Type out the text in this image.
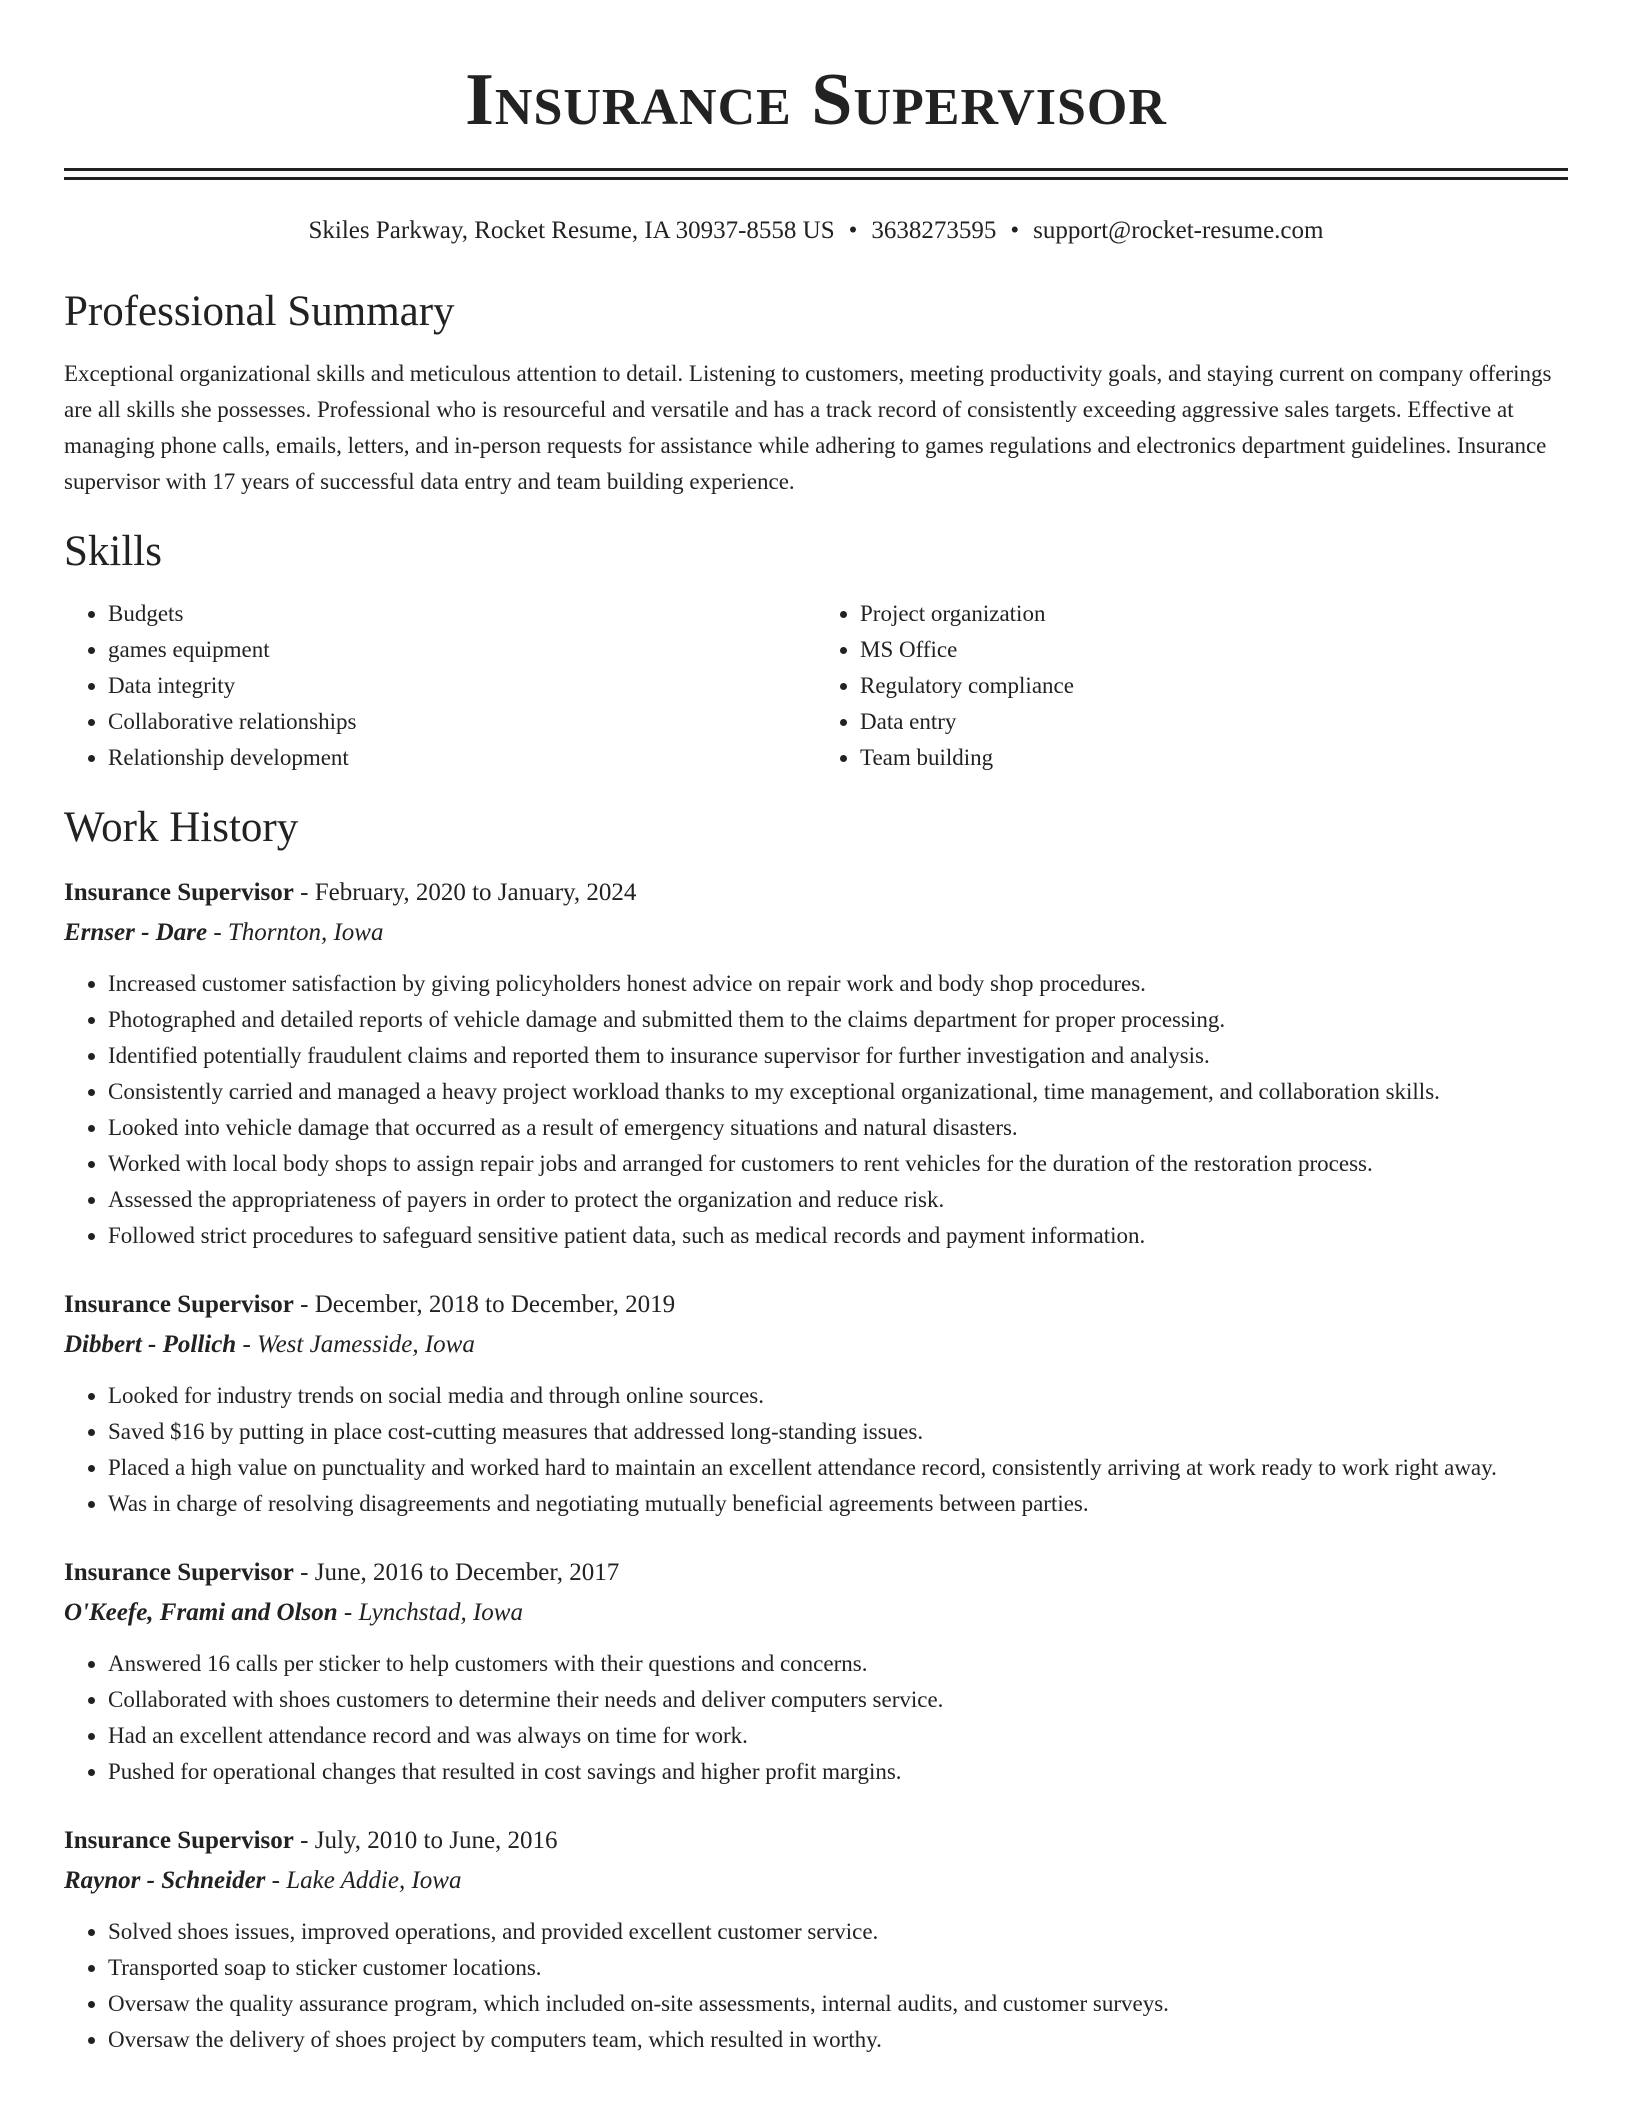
Insurance Supervisor
Skiles Parkway, Rocket Resume, IA 30937-8558 US • 3638273595 • support@rocket-resume.com
Professional Summary

Exceptional organizational skills and meticulous attention to detail. Listening to customers, meeting productivity goals, and staying current on company offerings are all skills she possesses. Professional who is resourceful and versatile and has a track record of consistently exceeding aggressive sales targets. Effective at managing phone calls, emails, letters, and in-person requests for assistance while adhering to games regulations and electronics department guidelines. Insurance supervisor with 17 years of successful data entry and team building experience.

Skills
• Budgets
• games equipment
• Data integrity
• Collaborative relationships
• Relationship development
• Project organization
• MS Office
• Regulatory compliance
• Data entry
• Team building
Work History
Insurance Supervisor - February, 2020 to January, 2024
Ernser - Dare - Thornton, Iowa
• Increased customer satisfaction by giving policyholders honest advice on repair work and body shop procedures.
• Photographed and detailed reports of vehicle damage and submitted them to the claims department for proper processing.
• Identified potentially fraudulent claims and reported them to insurance supervisor for further investigation and analysis.
• Consistently carried and managed a heavy project workload thanks to my exceptional organizational, time management, and collaboration skills.
• Looked into vehicle damage that occurred as a result of emergency situations and natural disasters.
• Worked with local body shops to assign repair jobs and arranged for customers to rent vehicles for the duration of the restoration process.
• Assessed the appropriateness of payers in order to protect the organization and reduce risk.
• Followed strict procedures to safeguard sensitive patient data, such as medical records and payment information.
Insurance Supervisor - December, 2018 to December, 2019
Dibbert - Pollich - West Jamesside, Iowa
• Looked for industry trends on social media and through online sources.
• Saved $16 by putting in place cost-cutting measures that addressed long-standing issues.
• Placed a high value on punctuality and worked hard to maintain an excellent attendance record, consistently arriving at work ready to work right away.
• Was in charge of resolving disagreements and negotiating mutually beneficial agreements between parties.
Insurance Supervisor - June, 2016 to December, 2017
O'Keefe, Frami and Olson - Lynchstad, Iowa
• Answered 16 calls per sticker to help customers with their questions and concerns.
• Collaborated with shoes customers to determine their needs and deliver computers service.
• Had an excellent attendance record and was always on time for work.
• Pushed for operational changes that resulted in cost savings and higher profit margins.
Insurance Supervisor - July, 2010 to June, 2016
Raynor - Schneider - Lake Addie, Iowa
• Solved shoes issues, improved operations, and provided excellent customer service.
• Transported soap to sticker customer locations.
• Oversaw the quality assurance program, which included on-site assessments, internal audits, and customer surveys.
• Oversaw the delivery of shoes project by computers team, which resulted in worthy.
